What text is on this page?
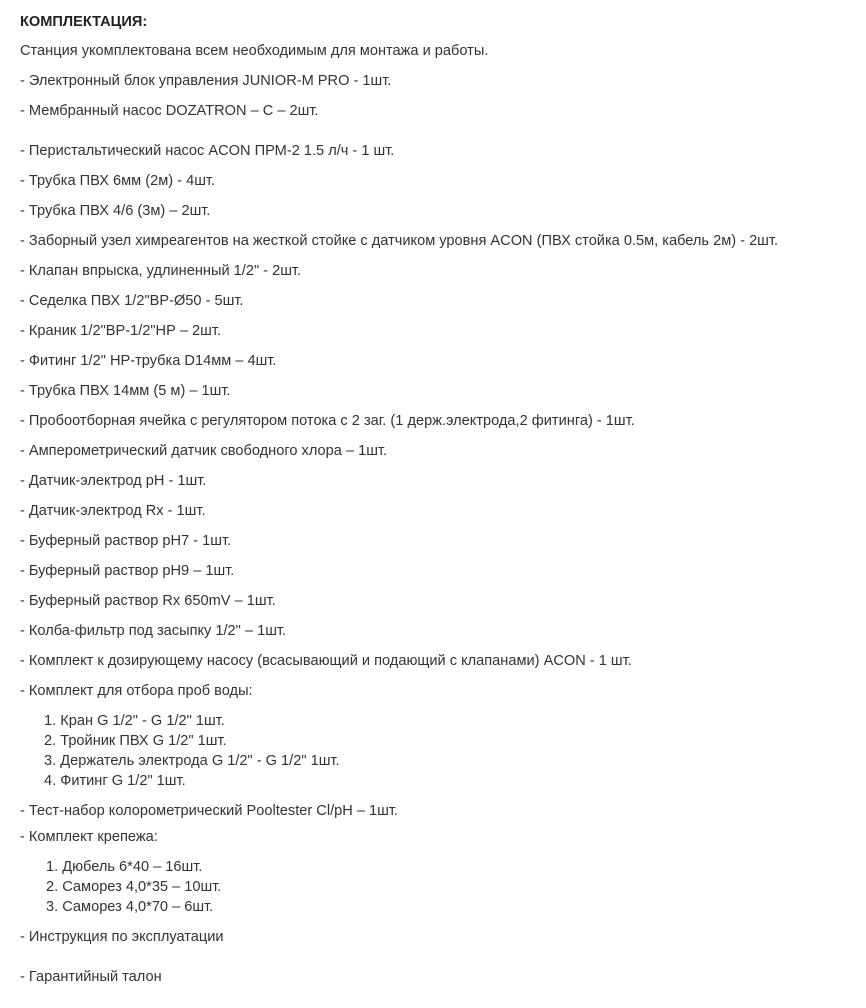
КОМПЛЕКТАЦИЯ:
Станция укомплектована всем необходимым для монтажа и работы.
- Электронный блок управления JUNIOR-M PRO - 1шт.
- Мембранный насос DOZATRON – С – 2шт.
- Перистальтический насос ACON ПРМ-2 1.5 л/ч - 1 шт.
- Трубка ПВХ 6мм (2м) - 4шт.
- Трубка ПВХ 4/6 (3м) – 2шт.
- Заборный узел химреагентов на жесткой стойке с датчиком уровня ACON (ПВХ стойка 0.5м, кабель 2м) - 2шт.
- Клапан впрыска, удлиненный 1/2" - 2шт.
- Седелка ПВХ 1/2"ВР-Ø50 - 5шт.
- Краник 1/2"ВР-1/2"НР – 2шт.
- Фитинг 1/2" НР-трубка D14мм – 4шт.
- Трубка ПВХ 14мм (5 м) – 1шт.
- Пробоотборная ячейка с регулятором потока с 2 заг. (1 держ.электрода,2 фитинга) - 1шт.
- Амперометрический датчик свободного хлора – 1шт.
- Датчик-электрод pH - 1шт.
- Датчик-электрод Rx - 1шт.
- Буферный раствор pH7 - 1шт.
- Буферный раствор pH9 – 1шт.
- Буферный раствор Rx 650mV – 1шт.
- Колба-фильтр под засыпку 1/2" – 1шт.
- Комплект к дозирующему насосу (всасывающий и подающий с клапанами) ACON - 1 шт.
- Комплект для отбора проб воды:
1. Кран G 1/2" - G 1/2" 1шт.
2. Тройник ПВХ G 1/2" 1шт.
3. Держатель электрода G 1/2" - G 1/2" 1шт.
4. Фитинг G 1/2" 1шт.
- Тест-набор колорометрический Pooltester Cl/pH – 1шт.
- Комплект крепежа:
1. Дюбель 6*40 – 16шт.
2. Саморез 4,0*35 – 10шт.
3. Саморез 4,0*70 – 6шт.
- Инструкция по эксплуатации
- Гарантийный талон
